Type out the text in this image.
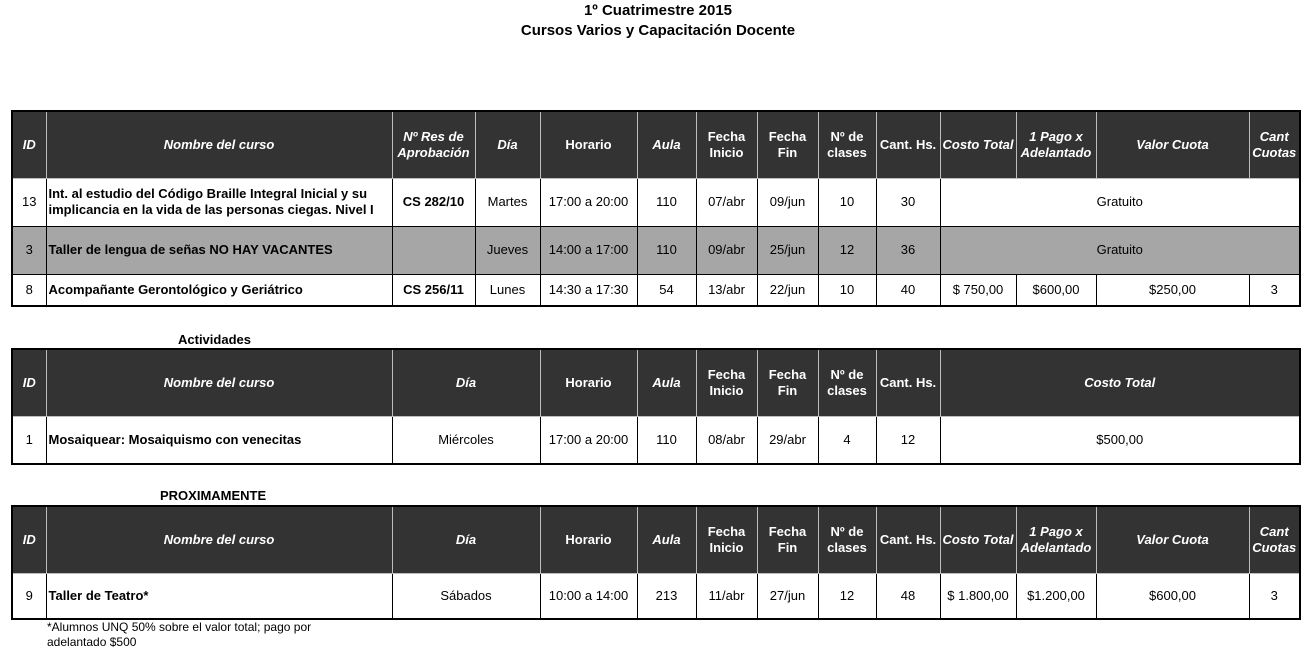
1º Cuatrimestre 2015
Cursos Varios y Capacitación Docente
ID	Nombre del curso	Nº Res de Aprobación	Día	Horario	Aula	Fecha Inicio	Fecha Fin	Nº de clases	Cant. Hs.	Costo Total	1 Pago x Adelantado	Valor Cuota	Cant Cuotas
13	Int. al estudio del Código Braille Integral Inicial y su implicancia en la vida de las personas ciegas. Nivel I	CS 282/10	Martes	17:00 a 20:00	110	07/abr	09/jun	10	30	Gratuito			
3	Taller de lengua de señas NO HAY VACANTES		Jueves	14:00 a 17:00	110	09/abr	25/jun	12	36	Gratuito			
8	Acompañante Gerontológico y Geriátrico	CS 256/11	Lunes	14:30 a 17:30	54	13/abr	22/jun	10	40	$ 750,00	$600,00	$250,00	3
Actividades
ID	Nombre del curso	Día	Horario	Aula	Fecha Inicio	Fecha Fin	Nº de clases	Cant. Hs.	Costo Total
1	Mosaiquear: Mosaiquismo con venecitas	Miércoles	17:00 a 20:00	110	08/abr	29/abr	4	12	$500,00
PROXIMAMENTE
ID	Nombre del curso	Día	Horario	Aula	Fecha Inicio	Fecha Fin	Nº de clases	Cant. Hs.	Costo Total	1 Pago x Adelantado	Valor Cuota	Cant Cuotas
9	Taller de Teatro*	Sábados	10:00 a 14:00	213	11/abr	27/jun	12	48	$ 1.800,00	$1.200,00	$600,00	3
*Alumnos UNQ 50% sobre el valor total; pago por adelantado $500
